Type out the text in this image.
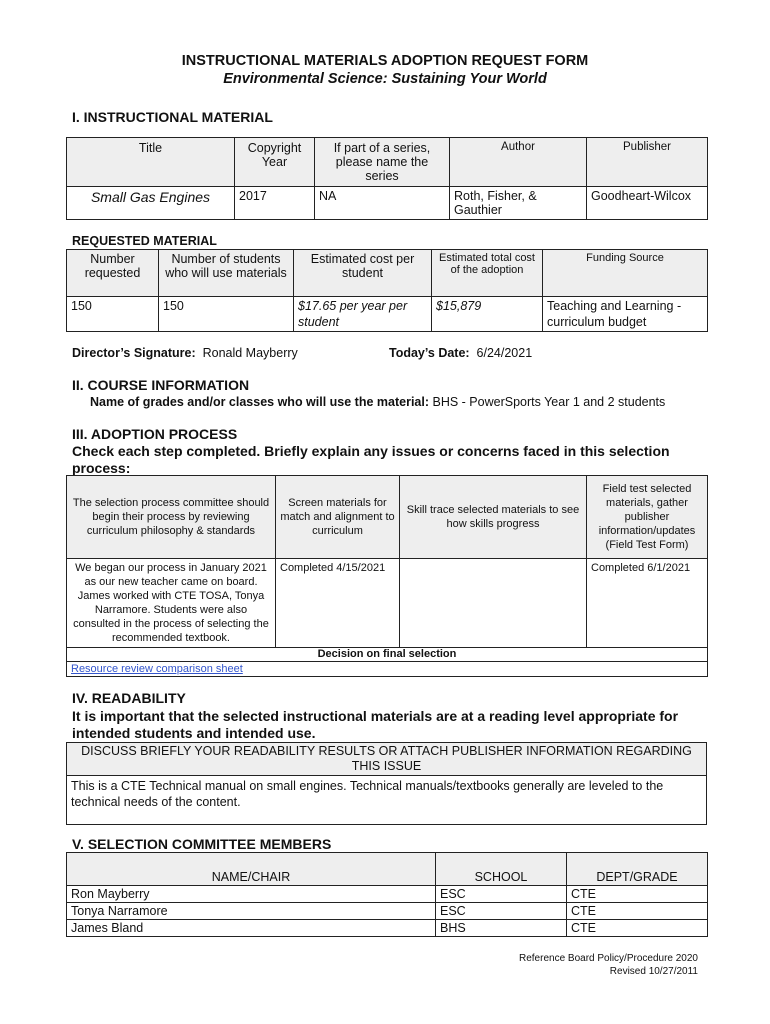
INSTRUCTIONAL MATERIALS ADOPTION REQUEST FORM
Environmental Science: Sustaining Your World
I. INSTRUCTIONAL MATERIAL
Title	Copyright Year	If part of a series, please name the series	Author	Publisher
Small Gas Engines	2017	NA	Roth, Fisher, & Gauthier	Goodheart-Wilcox
REQUESTED MATERIAL
Number requested	Number of students who will use materials	Estimated cost per student	Estimated total cost of the adoption	Funding Source
150	150	$17.65 per year per student	$15,879	Teaching and Learning - curriculum budget
Director’s Signature: Ronald Mayberry	Today’s Date: 6/24/2021
II. COURSE INFORMATION
Name of grades and/or classes who will use the material: BHS - PowerSports Year 1 and 2 students
III. ADOPTION PROCESS
Check each step completed. Briefly explain any issues or concerns faced in this selection process:
The selection process committee should begin their process by reviewing curriculum philosophy & standards	Screen materials for match and alignment to curriculum	Skill trace selected materials to see how skills progress	Field test selected materials, gather publisher information/updates (Field Test Form)
We began our process in January 2021 as our new teacher came on board. James worked with CTE TOSA, Tonya Narramore. Students were also consulted in the process of selecting the recommended textbook.	Completed 4/15/2021		Completed 6/1/2021
Decision on final selection			
Resource review comparison sheet			
IV. READABILITY
It is important that the selected instructional materials are at a reading level appropriate for intended students and intended use.
DISCUSS BRIEFLY YOUR READABILITY RESULTS OR ATTACH PUBLISHER INFORMATION REGARDING THIS ISSUE
This is a CTE Technical manual on small engines. Technical manuals/textbooks generally are leveled to the technical needs of the content.
V. SELECTION COMMITTEE MEMBERS
NAME/CHAIR	SCHOOL	DEPT/GRADE
Ron Mayberry	ESC	CTE
Tonya Narramore	ESC	CTE
James Bland	BHS	CTE
Reference Board Policy/Procedure 2020
Revised 10/27/2011
